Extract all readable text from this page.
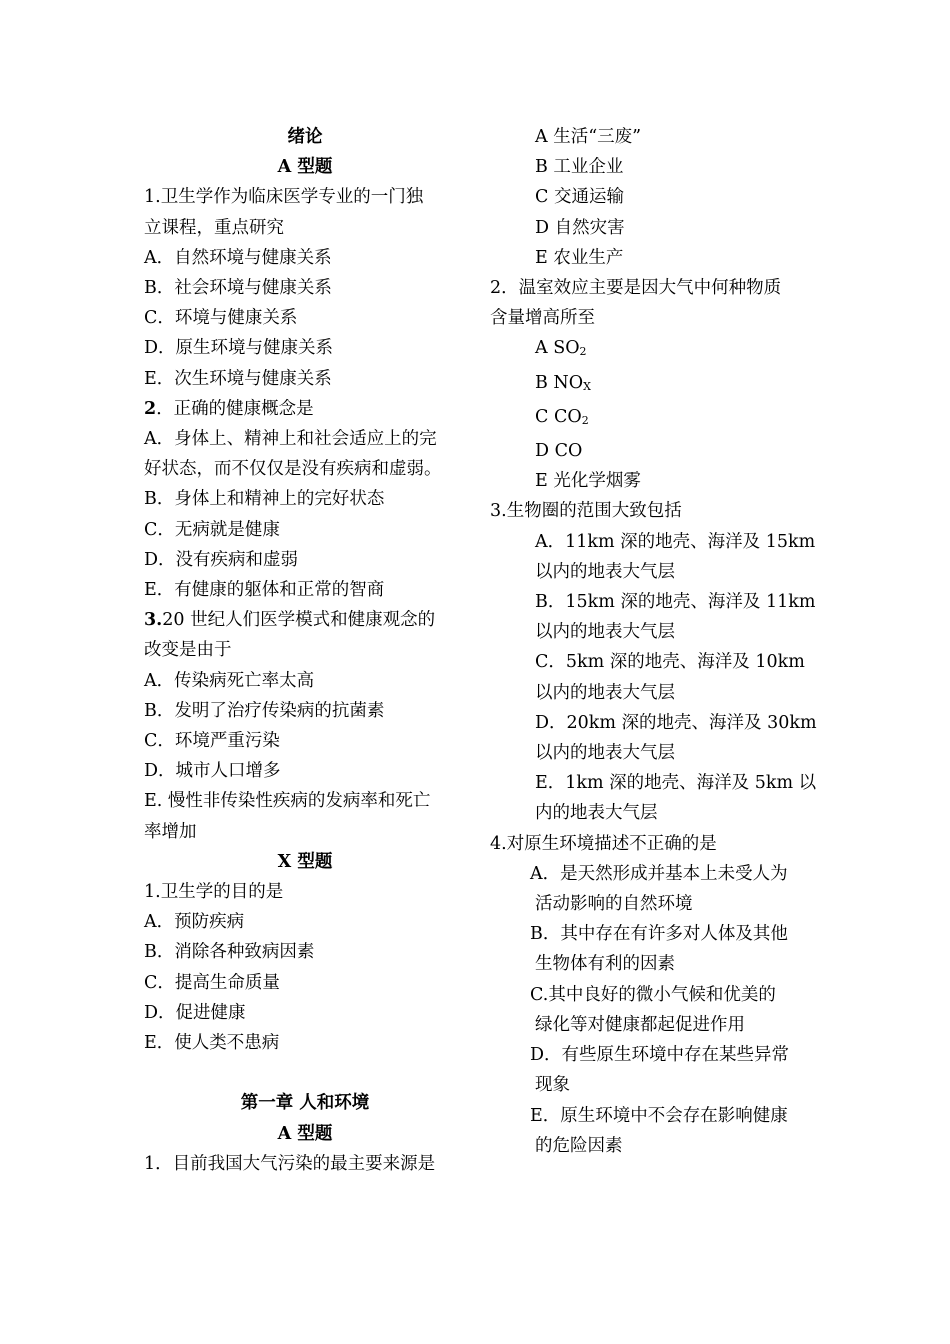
绪论
A 型题
1.卫生学作为临床医学专业的一门独
立课程，重点研究
A．自然环境与健康关系
B．社会环境与健康关系
C．环境与健康关系
D．原生环境与健康关系
E．次生环境与健康关系
2．正确的健康概念是
A．身体上、精神上和社会适应上的完
好状态，而不仅仅是没有疾病和虚弱。
B．身体上和精神上的完好状态
C．无病就是健康
D．没有疾病和虚弱
E．有健康的躯体和正常的智商
3.20 世纪人们医学模式和健康观念的
改变是由于
A．传染病死亡率太高
B．发明了治疗传染病的抗菌素
C．环境严重污染
D．城市人口增多
E. 慢性非传染性疾病的发病率和死亡
率增加
X 型题
1.卫生学的目的是
A．预防疾病
B．消除各种致病因素
C．提高生命质量
D．促进健康
E．使人类不患病
第一章 人和环境
A 型题
1．目前我国大气污染的最主要来源是
A 生活“三废”
B 工业企业
C 交通运输
D 自然灾害
E 农业生产
2．温室效应主要是因大气中何种物质
含量增高所至
A $SO_2$
B $NO_X$
C $CO_2$
D CO
E 光化学烟雾
3.生物圈的范围大致包括
A．11km 深的地壳、海洋及 15km
以内的地表大气层
B．15km 深的地壳、海洋及 11km
以内的地表大气层
C．5km 深的地壳、海洋及 10km
以内的地表大气层
D．20km 深的地壳、海洋及 30km
以内的地表大气层
E．1km 深的地壳、海洋及 5km 以
内的地表大气层
4.对原生环境描述不正确的是
A．是天然形成并基本上未受人为
活动影响的自然环境
B．其中存在有许多对人体及其他
生物体有利的因素
C.其中良好的微小气候和优美的
绿化等对健康都起促进作用
D．有些原生环境中存在某些异常
现象
E．原生环境中不会存在影响健康
的危险因素
